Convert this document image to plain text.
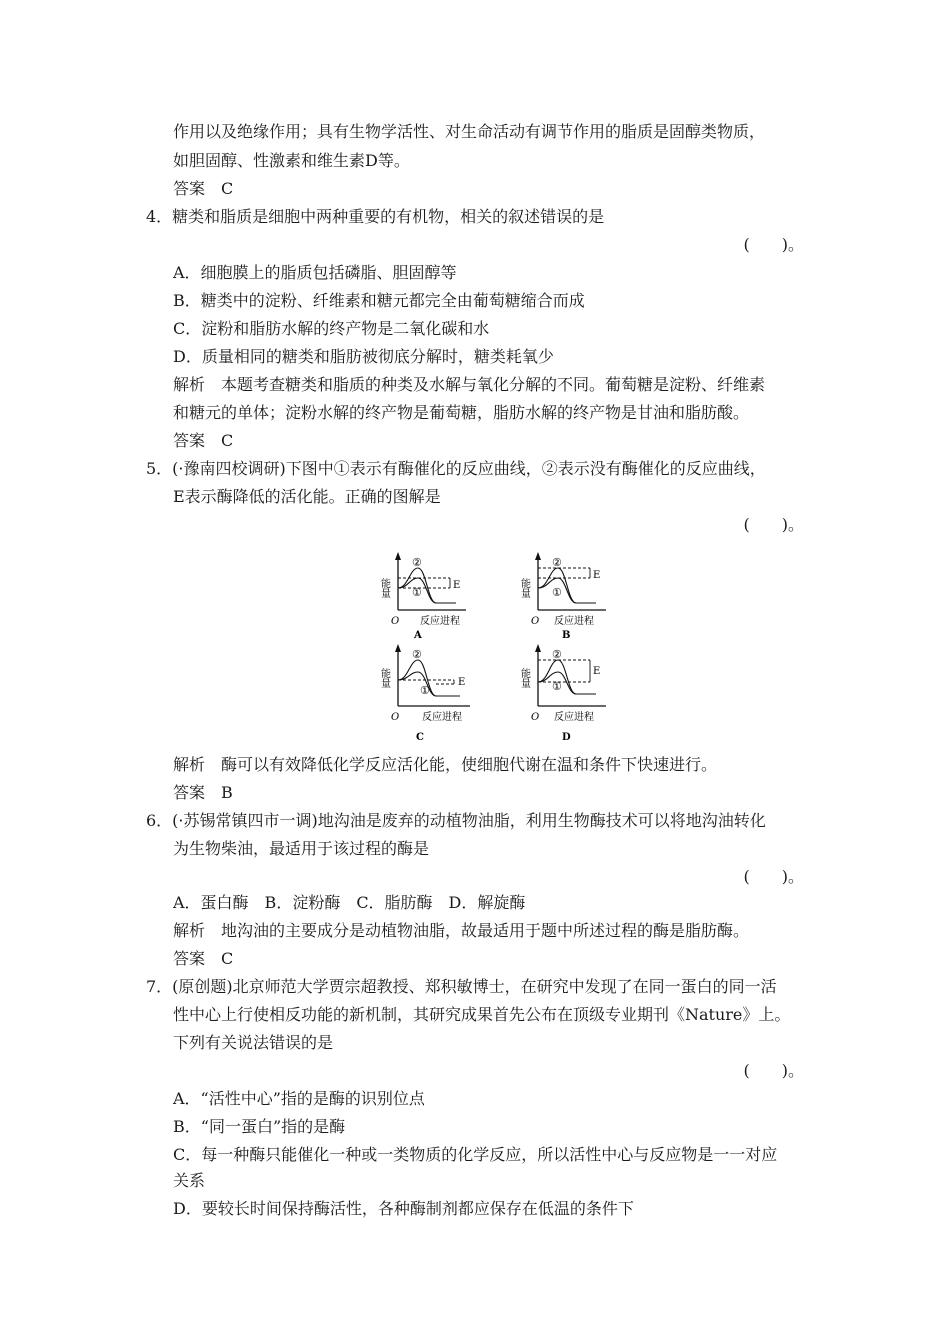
作用以及绝缘作用；具有生物学活性、对生命活动有调节作用的脂质是固醇类物质，
如胆固醇、性激素和维生素D等。
答案　C
4．糖类和脂质是细胞中两种重要的有机物，相关的叙述错误的是
(　　)。
A．细胞膜上的脂质包括磷脂、胆固醇等
B．糖类中的淀粉、纤维素和糖元都完全由葡萄糖缩合而成
C．淀粉和脂肪水解的终产物是二氧化碳和水
D．质量相同的糖类和脂肪被彻底分解时，糖类耗氧少
解析　本题考查糖类和脂质的种类及水解与氧化分解的不同。葡萄糖是淀粉、纤维素
和糖元的单体；淀粉水解的终产物是葡萄糖，脂肪水解的终产物是甘油和脂肪酸。
答案　C
5．(·豫南四校调研)下图中①表示有酶催化的反应曲线，②表示没有酶催化的反应曲线，
E表示酶降低的活化能。正确的图解是
(　　)。
能量
O 反应进程
A
E
②
①	能量
O 反应进程
B
E
②
①
能量
O 反应进程
C
E
②
①
能量
O 反应进程
D
E
②
①
解析　酶可以有效降低化学反应活化能，使细胞代谢在温和条件下快速进行。
答案　B
6．(·苏锡常镇四市一调)地沟油是废弃的动植物油脂，利用生物酶技术可以将地沟油转化
为生物柴油，最适用于该过程的酶是
(　　)。
A．蛋白酶　B．淀粉酶　C．脂肪酶　D．解旋酶
解析　地沟油的主要成分是动植物油脂，故最适用于题中所述过程的酶是脂肪酶。
答案　C
7．(原创题)北京师范大学贾宗超教授、郑积敏博士，在研究中发现了在同一蛋白的同一活
性中心上行使相反功能的新机制，其研究成果首先公布在顶级专业期刊《Nature》上。
下列有关说法错误的是
(　　)。
A．“活性中心”指的是酶的识别位点
B．“同一蛋白”指的是酶
C．每一种酶只能催化一种或一类物质的化学反应，所以活性中心与反应物是一一对应
关系
D．要较长时间保持酶活性，各种酶制剂都应保存在低温的条件下
